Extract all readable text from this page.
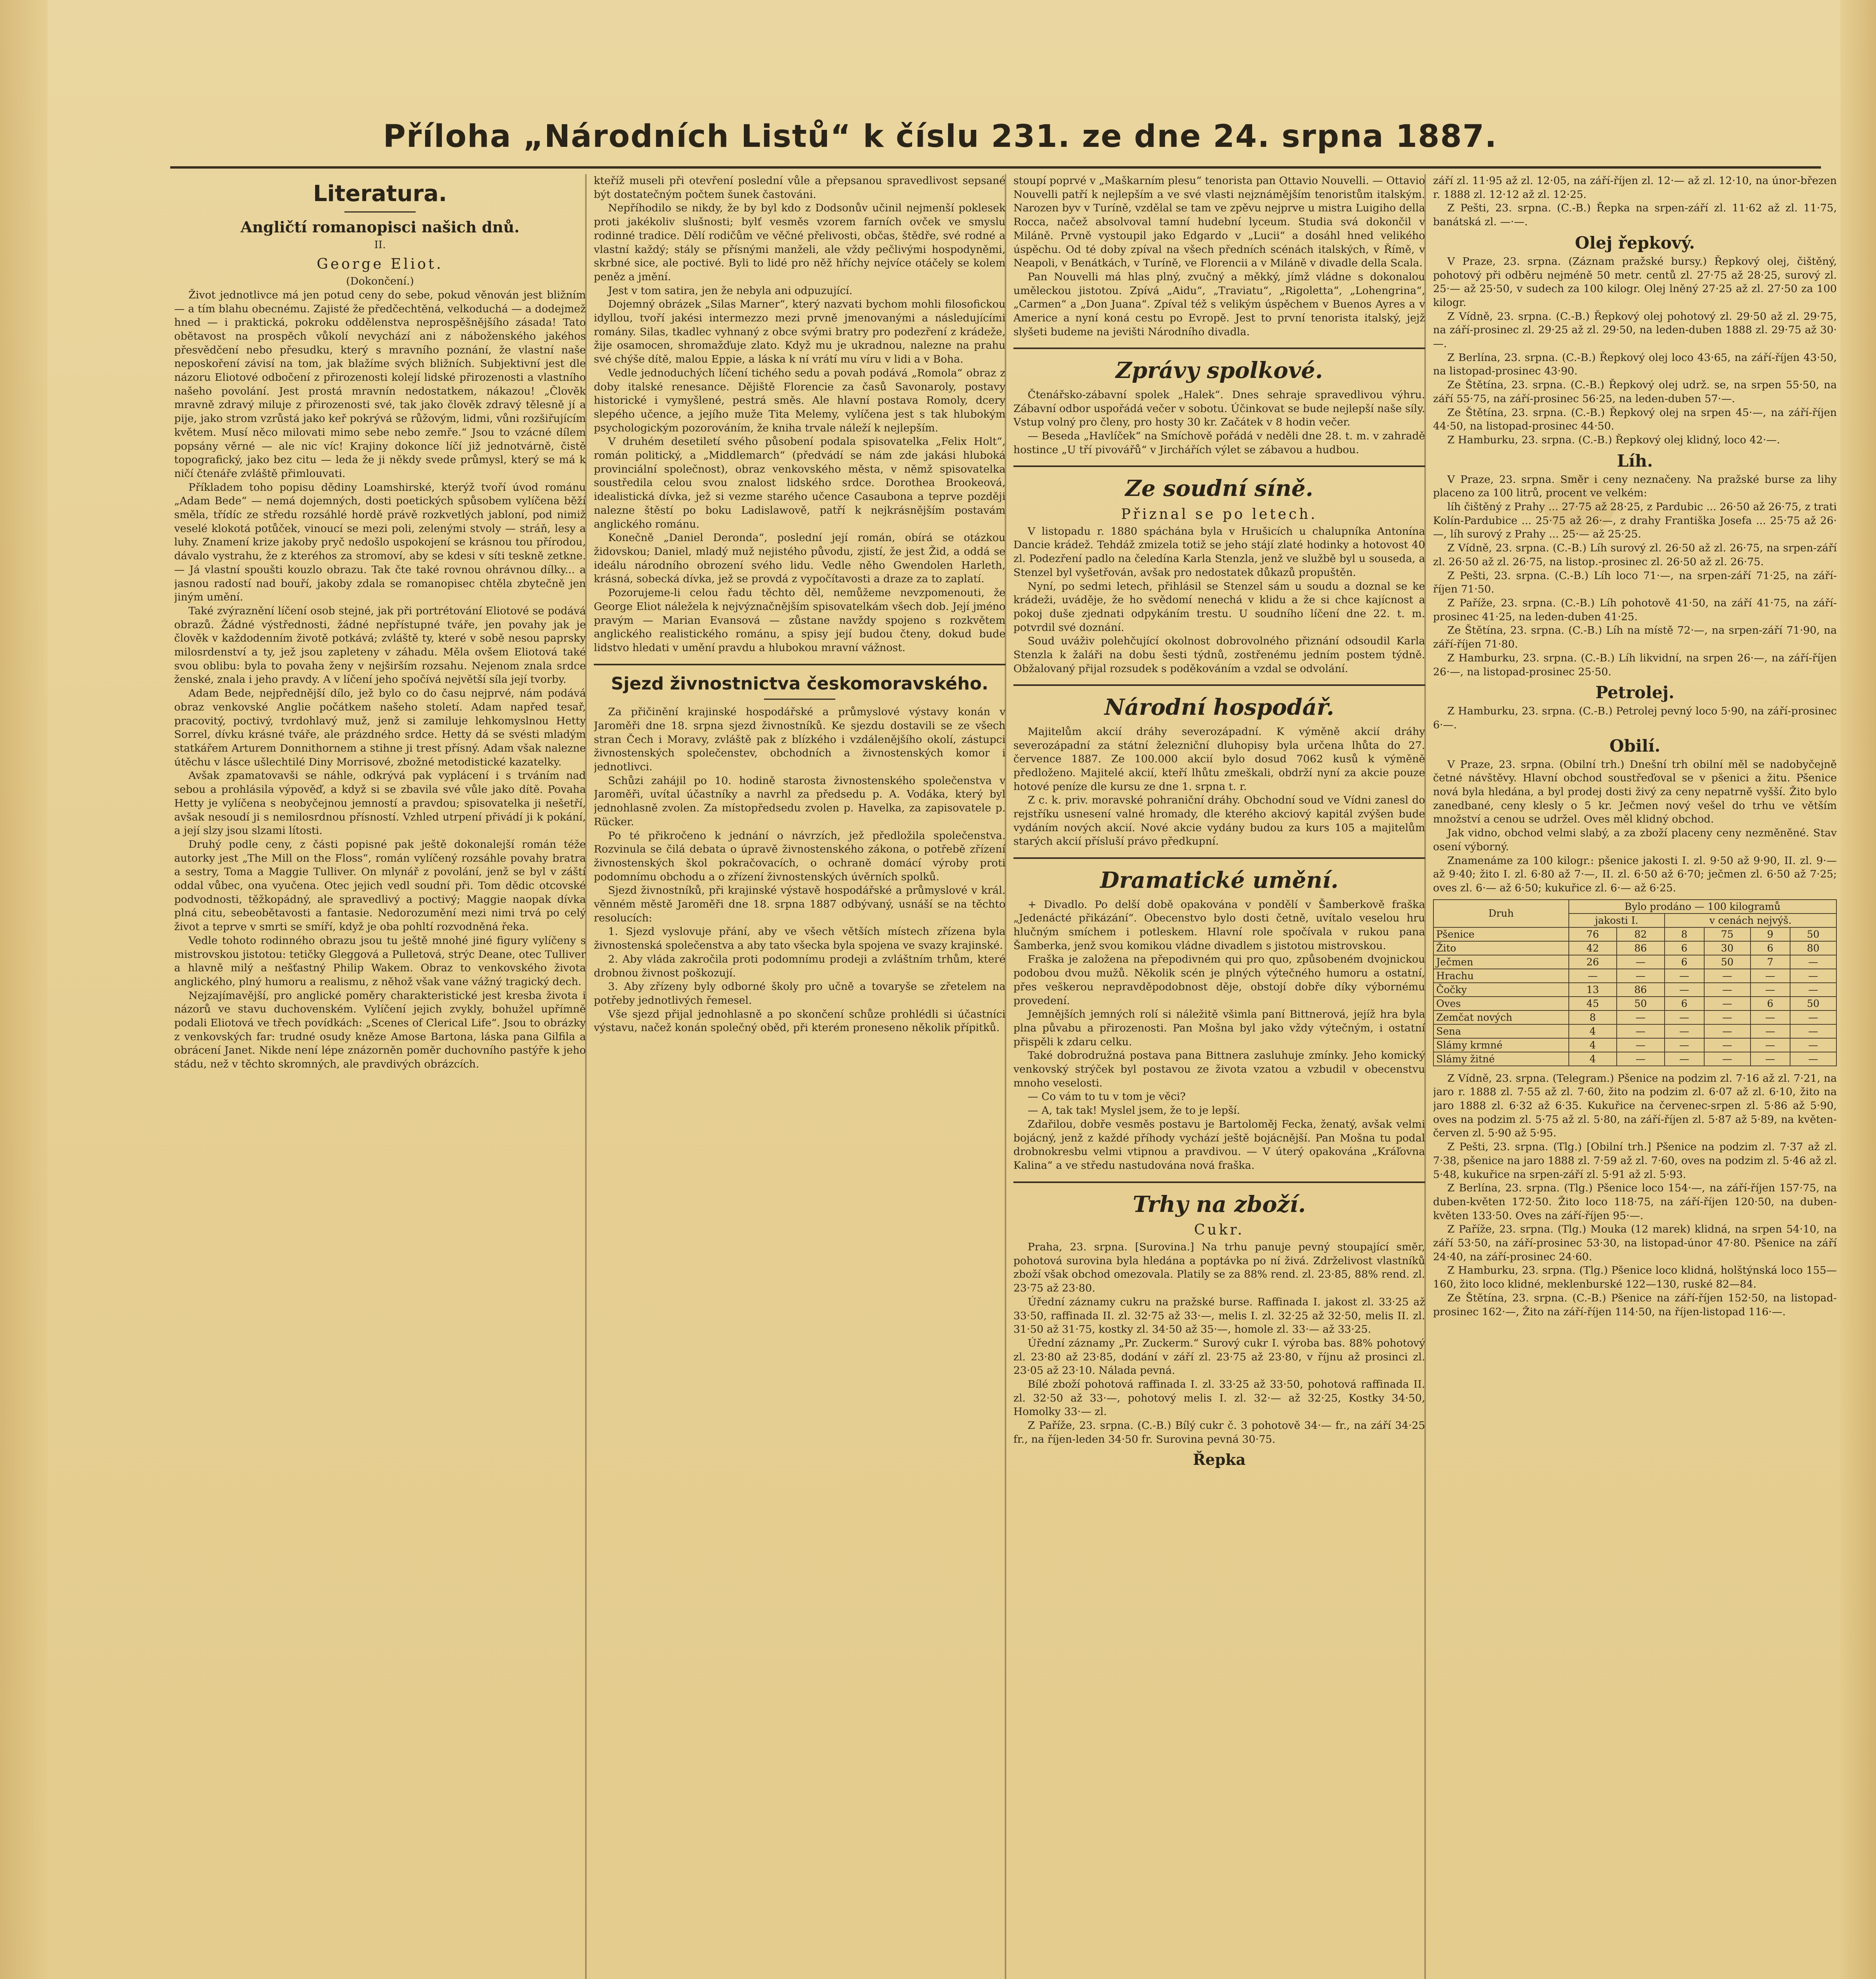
Příloha „Národních Listů“ k číslu 231. ze dne 24. srpna 1887.
Literatura.
Angličtí romanopisci našich dnů.
II.
George Eliot.
(Dokončení.)

Život jednotlivce má jen potud ceny do sebe, pokud věnován jest bližním — a tím blahu obecnému. Zajisté že předčechtěná, velkoduchá — a dodejmež hned — i praktická, pokroku oddělenstva neprospěšnějšího zásada! Tato obětavost na prospěch vůkolí nevychází ani z náboženského jakéhos přesvědčení nebo přesudku, který s mravního poznání, že vlastní naše neposkoření závisí na tom, jak blažíme svých bližních. Subjektivní jest dle názoru Eliotové odbočení z přirozenosti kolejí lidské přirozenosti a vlastního našeho povolání. Jest prostá mravnín nedostatkem, nákazou! „Člověk mravně zdravý miluje z přirozenosti své, tak jako člověk zdravý tělesně jí a pije, jako strom vzrůstá jako keř pokrývá se růžovým, lidmi, vůni rozšiřujícím květem. Musí něco milovati mimo sebe nebo zemře.“ Jsou to vzácné dílem popsány věrné — ale nic víc! Krajiny dokonce líčí již jednotvárně, čistě topografický, jako bez citu — leda že ji někdy svede průmysl, který se má k ničí čtenáře zvláště přimlouvati.

Příkladem toho popisu dědiny Loamshirské, kterýž tvoří úvod románu „Adam Bede“ — nemá dojemných, dosti poetických spůsobem vylíčena běží směla, třídíc ze středu rozsáhlé hordě právě rozkvetlých jabloní, pod nimiž veselé klokotá potůček, vinoucí se mezi poli, zelenými stvoly — stráň, lesy a luhy. Znamení krize jakoby pryč nedošlo uspokojení se krásnou tou přírodou, dávalo vystrahu, že z kteréhos za stromoví, aby se kdesi v síti teskně zetkne. — Já vlastní spoušti kouzlo obrazu. Tak čte také rovnou ohrávnou dílky... a jasnou radostí nad bouří, jakoby zdala se romanopisec chtěla zbytečně jen jiným umění.

Také zvýraznění líčení osob stejné, jak při portrétování Eliotové se podává obrazů. Žádné výstřednosti, žádné nepřístupné tváře, jen povahy jak je člověk v každodenním životě potkává; zvláště ty, které v sobě nesou paprsky milosrdenství a ty, jež jsou zapleteny v záhadu. Měla ovšem Eliotová také svou oblibu: byla to povaha ženy v nejširším rozsahu. Nejenom znala srdce ženské, znala i jeho pravdy. A v líčení jeho spočívá největší síla její tvorby.

Adam Bede, nejpřednější dílo, jež bylo co do času nejprvé, nám podává obraz venkovské Anglie počátkem našeho století. Adam napřed tesař, pracovitý, poctivý, tvrdohlavý muž, jenž si zamiluje lehkomyslnou Hetty Sorrel, dívku krásné tváře, ale prázdného srdce. Hetty dá se svésti mladým statkářem Arturem Donnithornem a stihne ji trest přísný. Adam však nalezne útěchu v lásce ušlechtilé Diny Morrisové, zbožné metodistické kazatelky.

Avšak zpamatovavši se náhle, odkrývá pak vyplácení i s trváním nad sebou a prohlásila výpověď, a když si se zbavila své vůle jako dítě. Povaha Hetty je vylíčena s neobyčejnou jemností a pravdou; spisovatelka ji nešetří, avšak nesoudí ji s nemilosrdnou přísností. Vzhled utrpení přivádí ji k pokání, a její slzy jsou slzami lítosti.

Druhý podle ceny, z části popisné pak ještě dokonalejší román téže autorky jest „The Mill on the Floss“, román vylíčený rozsáhle povahy bratra a sestry, Toma a Maggie Tulliver. On mlynář z povolání, jenž se byl v záští oddal vůbec, ona vyučena. Otec jejich vedl soudní při. Tom dědic otcovské podvodnosti, těžkopádný, ale spravedlivý a poctivý; Maggie naopak dívka plná citu, sebeobětavosti a fantasie. Nedorozumění mezi nimi trvá po celý život a teprve v smrti se smíří, když je oba pohltí rozvodněná řeka.

Vedle tohoto rodinného obrazu jsou tu ještě mnohé jiné figury vylíčeny s mistrovskou jistotou: tetičky Gleggová a Pulletová, strýc Deane, otec Tulliver a hlavně milý a nešťastný Philip Wakem. Obraz to venkovského života anglického, plný humoru a realismu, z něhož však vane vážný tragický dech.

Nejzajímavější, pro anglické poměry charakteristické jest kresba života i názorů ve stavu duchovenském. Vylíčení jejich zvykly, bohužel upřímně podali Eliotová ve třech povídkách: „Scenes of Clerical Life“. Jsou to obrázky z venkovských far: trudné osudy kněze Amose Bartona, láska pana Gilfila a obrácení Janet. Nikde není lépe znázorněn poměr duchovního pastýře k jeho stádu, než v těchto skromných, ale pravdivých obrázcích.

kteříž museli při otevření poslední vůle a přepsanou spravedlivost sepsané být dostatečným počtem šunek častováni.

Nepříhodilo se nikdy, že by byl kdo z Dodsonův učinil nejmenší poklesek proti jakékoliv slušnosti; bylť vesměs vzorem farních ovček ve smyslu rodinné tradice. Dělí rodičům ve věčné přelivosti, občas, štědře, své rodné a vlastní každý; stály se přísnými manželi, ale vždy pečlivými hospodyněmi, skrbné sice, ale poctivé. Byli to lidé pro něž hříchy nejvíce otáčely se kolem peněz a jmění.

Jest v tom satira, jen že nebyla ani odpuzující.

Dojemný obrázek „Silas Marner“, který nazvati bychom mohli filosofickou idyllou, tvoří jakési intermezzo mezi prvně jmenovanými a následujícími romány. Silas, tkadlec vyhnaný z obce svými bratry pro podezření z krádeže, žije osamocen, shromažďuje zlato. Když mu je ukradnou, nalezne na prahu své chýše dítě, malou Eppie, a láska k ní vrátí mu víru v lidi a v Boha.

Vedle jednoduchých líčení tichého sedu a povah podává „Romola“ obraz z doby italské renesance. Dějiště Florencie za časů Savonaroly, postavy historické i vymyšlené, pestrá směs. Ale hlavní postava Romoly, dcery slepého učence, a jejího muže Tita Melemy, vylíčena jest s tak hlubokým psychologickým pozorováním, že kniha trvale náleží k nejlepším.

V druhém desetiletí svého působení podala spisovatelka „Felix Holt“, román politický, a „Middlemarch“ (předvádí se nám zde jakási hluboká provinciální společnost), obraz venkovského města, v němž spisovatelka soustředila celou svou znalost lidského srdce. Dorothea Brookeová, idealistická dívka, jež si vezme starého učence Casaubona a teprve později nalezne štěstí po boku Ladislawově, patří k nejkrásnějším postavám anglického románu.

Konečně „Daniel Deronda“, poslední její román, obírá se otázkou židovskou; Daniel, mladý muž nejistého původu, zjistí, že jest Žid, a oddá se ideálu národního obrození svého lidu. Vedle něho Gwendolen Harleth, krásná, sobecká dívka, jež se provdá z vypočítavosti a draze za to zaplatí.

Pozorujeme-li celou řadu těchto děl, nemůžeme nevzpomenouti, že George Eliot náležela k nejvýznačnějším spisovatelkám všech dob. Její jméno pravým — Marian Evansová — zůstane navždy spojeno s rozkvětem anglického realistického románu, a spisy její budou čteny, dokud bude lidstvo hledati v umění pravdu a hlubokou mravní vážnost.

Sjezd živnostnictva českomoravského.

Za přičinění krajinské hospodářské a průmyslové výstavy konán v Jaroměři dne 18. srpna sjezd živnostníků. Ke sjezdu dostavili se ze všech stran Čech i Moravy, zvláště pak z blízkého i vzdálenějšího okolí, zástupci živnostenských společenstev, obchodních a živnostenských komor i jednotlivci.

Schůzi zahájil po 10. hodině starosta živnostenského společenstva v Jaroměři, uvítal účastníky a navrhl za předsedu p. A. Vodáka, který byl jednohlasně zvolen. Za místopředsedu zvolen p. Havelka, za zapisovatele p. Rücker.

Po té přikročeno k jednání o návrzích, jež předložila společenstva. Rozvinula se čilá debata o úpravě živnostenského zákona, o potřebě zřízení živnostenských škol pokračovacích, o ochraně domácí výroby proti podomnímu obchodu a o zřízení živnostenských úvěrních spolků.

Sjezd živnostníků, při krajinské výstavě hospodářské a průmyslové v král. věnném městě Jaroměři dne 18. srpna 1887 odbývaný, usnáší se na těchto resolucích:

1. Sjezd vyslovuje přání, aby ve všech větších místech zřízena byla živnostenská společenstva a aby tato všecka byla spojena ve svazy krajinské.

2. Aby vláda zakročila proti podomnímu prodeji a zvláštním trhům, které drobnou živnost poškozují.

3. Aby zřízeny byly odborné školy pro učně a tovaryše se zřetelem na potřeby jednotlivých řemesel.

Vše sjezd přijal jednohlasně a po skončení schůze prohlédli si účastníci výstavu, načež konán společný oběd, při kterém proneseno několik přípitků.

stoupí poprvé v „Maškarním plesu“ tenorista pan Ottavio Nouvelli. — Ottavio Nouvelli patří k nejlepším a ve své vlasti nejznámějším tenoristům italským. Narozen byv v Turíně, vzdělal se tam ve zpěvu nejprve u mistra Luigiho della Rocca, načež absolvoval tamní hudební lyceum. Studia svá dokončil v Miláně. Prvně vystoupil jako Edgardo v „Lucii“ a dosáhl hned velikého úspěchu. Od té doby zpíval na všech předních scénách italských, v Římě, v Neapoli, v Benátkách, v Turíně, ve Florencii a v Miláně v divadle della Scala.

Pan Nouvelli má hlas plný, zvučný a měkký, jímž vládne s dokonalou uměleckou jistotou. Zpívá „Aidu“, „Traviatu“, „Rigoletta“, „Lohengrina“, „Carmen“ a „Don Juana“. Zpíval též s velikým úspěchem v Buenos Ayres a v Americe a nyní koná cestu po Evropě. Jest to první tenorista italský, jejž slyšeti budeme na jevišti Národního divadla.

Zprávy spolkové.

Čtenářsko-zábavní spolek „Halek“. Dnes sehraje spravedlivou výhru. Zábavní odbor uspořádá večer v sobotu. Účinkovat se bude nejlepší naše síly. Vstup volný pro členy, pro hosty 30 kr. Začátek v 8 hodin večer.

— Beseda „Havlíček“ na Smíchově pořádá v neděli dne 28. t. m. v zahradě hostince „U tří pivovářů“ v Jirchářích výlet se zábavou a hudbou.

Ze soudní síně.
Přiznal se po letech.

V listopadu r. 1880 spáchána byla v Hrušicích u chalupníka Antonína Dancie krádež. Tehdáž zmizela totiž se jeho stájí zlaté hodinky a hotovost 40 zl. Podezření padlo na čeledína Karla Stenzla, jenž ve službě byl u souseda, a Stenzel byl vyšetřován, avšak pro nedostatek důkazů propuštěn.

Nyní, po sedmi letech, přihlásil se Stenzel sám u soudu a doznal se ke krádeži, uváděje, že ho svědomí nenechá v klidu a že si chce kajícnost a pokoj duše zjednati odpykáním trestu. U soudního líčení dne 22. t. m. potvrdil své doznání.

Soud uváživ polehčující okolnost dobrovolného přiznání odsoudil Karla Stenzla k žaláři na dobu šesti týdnů, zostřenému jedním postem týdně. Obžalovaný přijal rozsudek s poděkováním a vzdal se odvolání.

Národní hospodář.

Majitelům akcií dráhy severozápadní. K výměně akcií dráhy severozápadní za státní železniční dluhopisy byla určena lhůta do 27. července 1887. Ze 100.000 akcií bylo dosud 7062 kusů k výměně předloženo. Majitelé akcií, kteří lhůtu zmeškali, obdrží nyní za akcie pouze hotové peníze dle kursu ze dne 1. srpna t. r.

Z c. k. priv. moravské pohraniční dráhy. Obchodní soud ve Vídni zanesl do rejstříku usnesení valné hromady, dle kterého akciový kapitál zvýšen bude vydáním nových akcií. Nové akcie vydány budou za kurs 105 a majitelům starých akcií přísluší právo předkupní.

Dramatické umění.

+ Divadlo. Po delší době opakována v pondělí v Šamberkově fraška „Jedenácté přikázání“. Obecenstvo bylo dosti četně, uvítalo veselou hru hlučným smíchem i potleskem. Hlavní role spočívala v rukou pana Šamberka, jenž svou komikou vládne divadlem s jistotou mistrovskou.

Fraška je založena na přepodivném qui pro quo, způsobeném dvojnickou podobou dvou mužů. Několik scén je plných výtečného humoru a ostatní, přes veškerou nepravděpodobnost děje, obstojí dobře díky výbornému provedení.

Jemnějších jemných rolí si náležitě všimla paní Bittnerová, jejíž hra byla plna půvabu a přirozenosti. Pan Mošna byl jako vždy výtečným, i ostatní přispěli k zdaru celku.

Také dobrodružná postava pana Bittnera zasluhuje zmínky. Jeho komický venkovský strýček byl postavou ze života vzatou a vzbudil v obecenstvu mnoho veselosti.

— Co vám to tu v tom je věci?

— A, tak tak! Myslel jsem, že to je lepší.

Zdařilou, dobře vesměs postavu je Bartoloměj Fecka, ženatý, avšak velmi bojácný, jenž z každé příhody vychází ještě bojácnější. Pan Mošna tu podal drobnokresbu velmi vtipnou a pravdivou. — V úterý opakována „Kráľovna Kalina“ a ve středu nastudována nová fraška.

Trhy na zboží.
Cukr.

Praha, 23. srpna. [Surovina.] Na trhu panuje pevný stoupající směr, pohotová surovina byla hledána a poptávka po ní živá. Zdrželivost vlastníků zboží však obchod omezovala. Platily se za 88% rend. zl. 23·85, 88% rend. zl. 23·75 až 23·80.

Úřední záznamy cukru na pražské burse. Raffinada I. jakost zl. 33·25 až 33·50, raffinada II. zl. 32·75 až 33·—, melis I. zl. 32·25 až 32·50, melis II. zl. 31·50 až 31·75, kostky zl. 34·50 až 35·—, homole zl. 33·— až 33·25.

Úřední záznamy „Pr. Zuckerm.“ Surový cukr I. výroba bas. 88% pohotový zl. 23·80 až 23·85, dodání v září zl. 23·75 až 23·80, v říjnu až prosinci zl. 23·05 až 23·10. Nálada pevná.

Bílé zboží pohotová raffinada I. zl. 33·25 až 33·50, pohotová raffinada II. zl. 32·50 až 33·—, pohotový melis I. zl. 32·— až 32·25, Kostky 34·50, Homolky 33·— zl.

Z Paříže, 23. srpna. (C.-B.) Bílý cukr č. 3 pohotově 34·— fr., na září 34·25 fr., na říjen-leden 34·50 fr. Surovina pevná 30·75.

Řepka

září zl. 11·95 až zl. 12·05, na září-říjen zl. 12·— až zl. 12·10, na únor-březen r. 1888 zl. 12·12 až zl. 12·25.

Z Pešti, 23. srpna. (C.-B.) Řepka na srpen-září zl. 11·62 až zl. 11·75, banátská zl. —·—.

Olej řepkový.

V Praze, 23. srpna. (Záznam pražské bursy.) Řepkový olej, čištěný, pohotový při odběru nejméně 50 metr. centů zl. 27·75 až 28·25, surový zl. 25·— až 25·50, v sudech za 100 kilogr. Olej lněný 27·25 až zl. 27·50 za 100 kilogr.

Z Vídně, 23. srpna. (C.-B.) Řepkový olej pohotový zl. 29·50 až zl. 29·75, na září-prosinec zl. 29·25 až zl. 29·50, na leden-duben 1888 zl. 29·75 až 30·—.

Z Berlína, 23. srpna. (C.-B.) Řepkový olej loco 43·65, na září-říjen 43·50, na listopad-prosinec 43·90.

Ze Štětína, 23. srpna. (C.-B.) Řepkový olej udrž. se, na srpen 55·50, na září 55·75, na září-prosinec 56·25, na leden-duben 57·—.

Ze Štětína, 23. srpna. (C.-B.) Řepkový olej na srpen 45·—, na září-říjen 44·50, na listopad-prosinec 44·50.

Z Hamburku, 23. srpna. (C.-B.) Řepkový olej klidný, loco 42·—.

Líh.

V Praze, 23. srpna. Směr i ceny neznačeny. Na pražské burse za lihy placeno za 100 litrů, procent ve velkém:

líh čištěný z Prahy ... 27·75 až 28·25, z Pardubic ... 26·50 až 26·75, z trati Kolín-Pardubice ... 25·75 až 26·—, z drahy Františka Josefa ... 25·75 až 26·—, líh surový z Prahy ... 25·— až 25·25.

Z Vídně, 23. srpna. (C.-B.) Líh surový zl. 26·50 až zl. 26·75, na srpen-září zl. 26·50 až zl. 26·75, na listop.-prosinec zl. 26·50 až zl. 26·75.

Z Pešti, 23. srpna. (C.-B.) Líh loco 71·—, na srpen-září 71·25, na září-říjen 71·50.

Z Paříže, 23. srpna. (C.-B.) Líh pohotově 41·50, na září 41·75, na září-prosinec 41·25, na leden-duben 41·25.

Ze Štětína, 23. srpna. (C.-B.) Líh na místě 72·—, na srpen-září 71·90, na září-říjen 71·80.

Z Hamburku, 23. srpna. (C.-B.) Líh likvidní, na srpen 26·—, na září-říjen 26·—, na listopad-prosinec 25·50.

Petrolej.

Z Hamburku, 23. srpna. (C.-B.) Petrolej pevný loco 5·90, na září-prosinec 6·—.

Obilí.

V Praze, 23. srpna. (Obilní trh.) Dnešní trh obilní měl se nadobyčejně četné návštěvy. Hlavní obchod soustřeďoval se v pšenici a žitu. Pšenice nová byla hledána, a byl prodej dosti živý za ceny nepatrně vyšší. Žito bylo zanedbané, ceny klesly o 5 kr. Ječmen nový vešel do trhu ve větším množství a cenou se udržel. Oves měl klidný obchod.

Jak vidno, obchod velmi slabý, a za zboží placeny ceny nezměněné. Stav osení výborný.

Znamenáme za 100 kilogr.: pšenice jakosti I. zl. 9·50 až 9·90, II. zl. 9·— až 9·40; žito I. zl. 6·80 až 7·—, II. zl. 6·50 až 6·70; ječmen zl. 6·50 až 7·25; oves zl. 6·— až 6·50; kukuřice zl. 6·— až 6·25.

Druh	Bylo prodáno — 100 kilogramů					
	jakosti I.		v cenách nejvýš.			
Pšenice	76	82	8	75	9	50
Žito	42	86	6	30	6	80
Ječmen	26	—	6	50	7	—
Hrachu	—	—	—	—	—	—
Čočky	13	86	—	—	—	—
Oves	45	50	6	—	6	50
Zemčat nových	8	—	—	—	—	—
Sena	4	—	—	—	—	—
Slámy krmné	4	—	—	—	—	—
Slámy žitné	4	—	—	—	—	—

Z Vídně, 23. srpna. (Telegram.) Pšenice na podzim zl. 7·16 až zl. 7·21, na jaro r. 1888 zl. 7·55 až zl. 7·60, žito na podzim zl. 6·07 až zl. 6·10, žito na jaro 1888 zl. 6·32 až 6·35. Kukuřice na červenec-srpen zl. 5·86 až 5·90, oves na podzim zl. 5·75 až zl. 5·80, na září-říjen zl. 5·87 až 5·89, na květen-červen zl. 5·90 až 5·95.

Z Pešti, 23. srpna. (Tlg.) [Obilní trh.] Pšenice na podzim zl. 7·37 až zl. 7·38, pšenice na jaro 1888 zl. 7·59 až zl. 7·60, oves na podzim zl. 5·46 až zl. 5·48, kukuřice na srpen-září zl. 5·91 až zl. 5·93.

Z Berlína, 23. srpna. (Tlg.) Pšenice loco 154·—, na září-říjen 157·75, na duben-květen 172·50. Žito loco 118·75, na září-říjen 120·50, na duben-květen 133·50. Oves na září-říjen 95·—.

Z Paříže, 23. srpna. (Tlg.) Mouka (12 marek) klidná, na srpen 54·10, na září 53·50, na září-prosinec 53·30, na listopad-únor 47·80. Pšenice na září 24·40, na září-prosinec 24·60.

Z Hamburku, 23. srpna. (Tlg.) Pšenice loco klidná, holštýnská loco 155—160, žito loco klidné, meklenburské 122—130, ruské 82—84.

Ze Štětína, 23. srpna. (C.-B.) Pšenice na září-říjen 152·50, na listopad-prosinec 162·—, Žito na září-říjen 114·50, na říjen-listopad 116·—.
